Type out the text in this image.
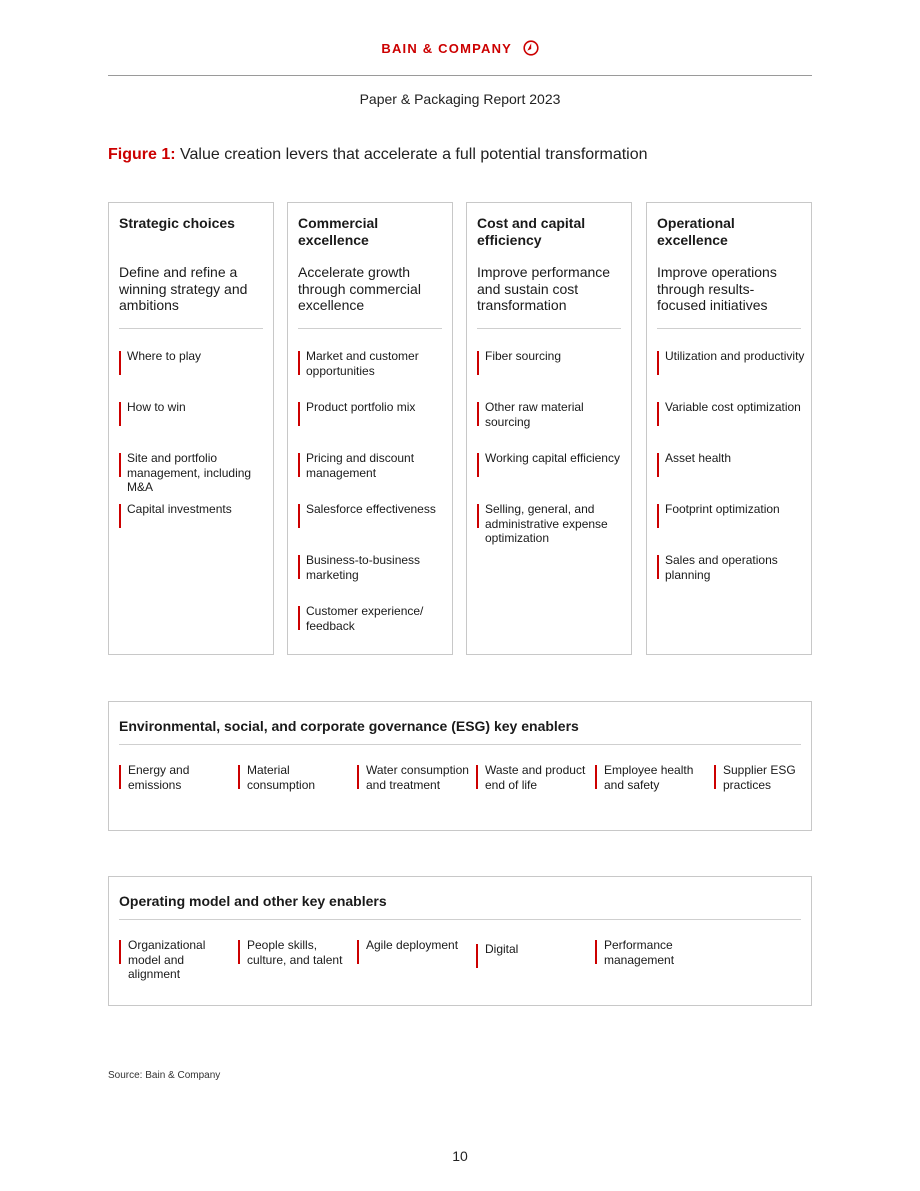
BAIN & COMPANY
Paper & Packaging Report 2023
Figure 1: Value creation levers that accelerate a full potential transformation
Strategic choices
Define and refine a winning strategy and ambitions
Where to play
How to win
Site and portfolio management, including M&A
Capital investments
Commercial excellence
Accelerate growth through commercial excellence
Market and customer opportunities
Product portfolio mix
Pricing and discount management
Salesforce effectiveness
Business-to-business marketing
Customer experience/ feedback
Cost and capital efficiency
Improve performance and sustain cost transformation
Fiber sourcing
Other raw material sourcing
Working capital efficiency
Selling, general, and administrative expense optimization
Operational excellence
Improve operations through results-focused initiatives
Utilization and productivity
Variable cost optimization
Asset health
Footprint optimization
Sales and operations planning
Environmental, social, and corporate governance (ESG) key enablers
Energy and emissions
Material consumption
Water consumption and treatment
Waste and product end of life
Employee health and safety
Supplier ESG practices
Operating model and other key enablers
Organizational model and alignment
People skills, culture, and talent
Agile deployment	Digital	Performance management
Source: Bain & Company
10
